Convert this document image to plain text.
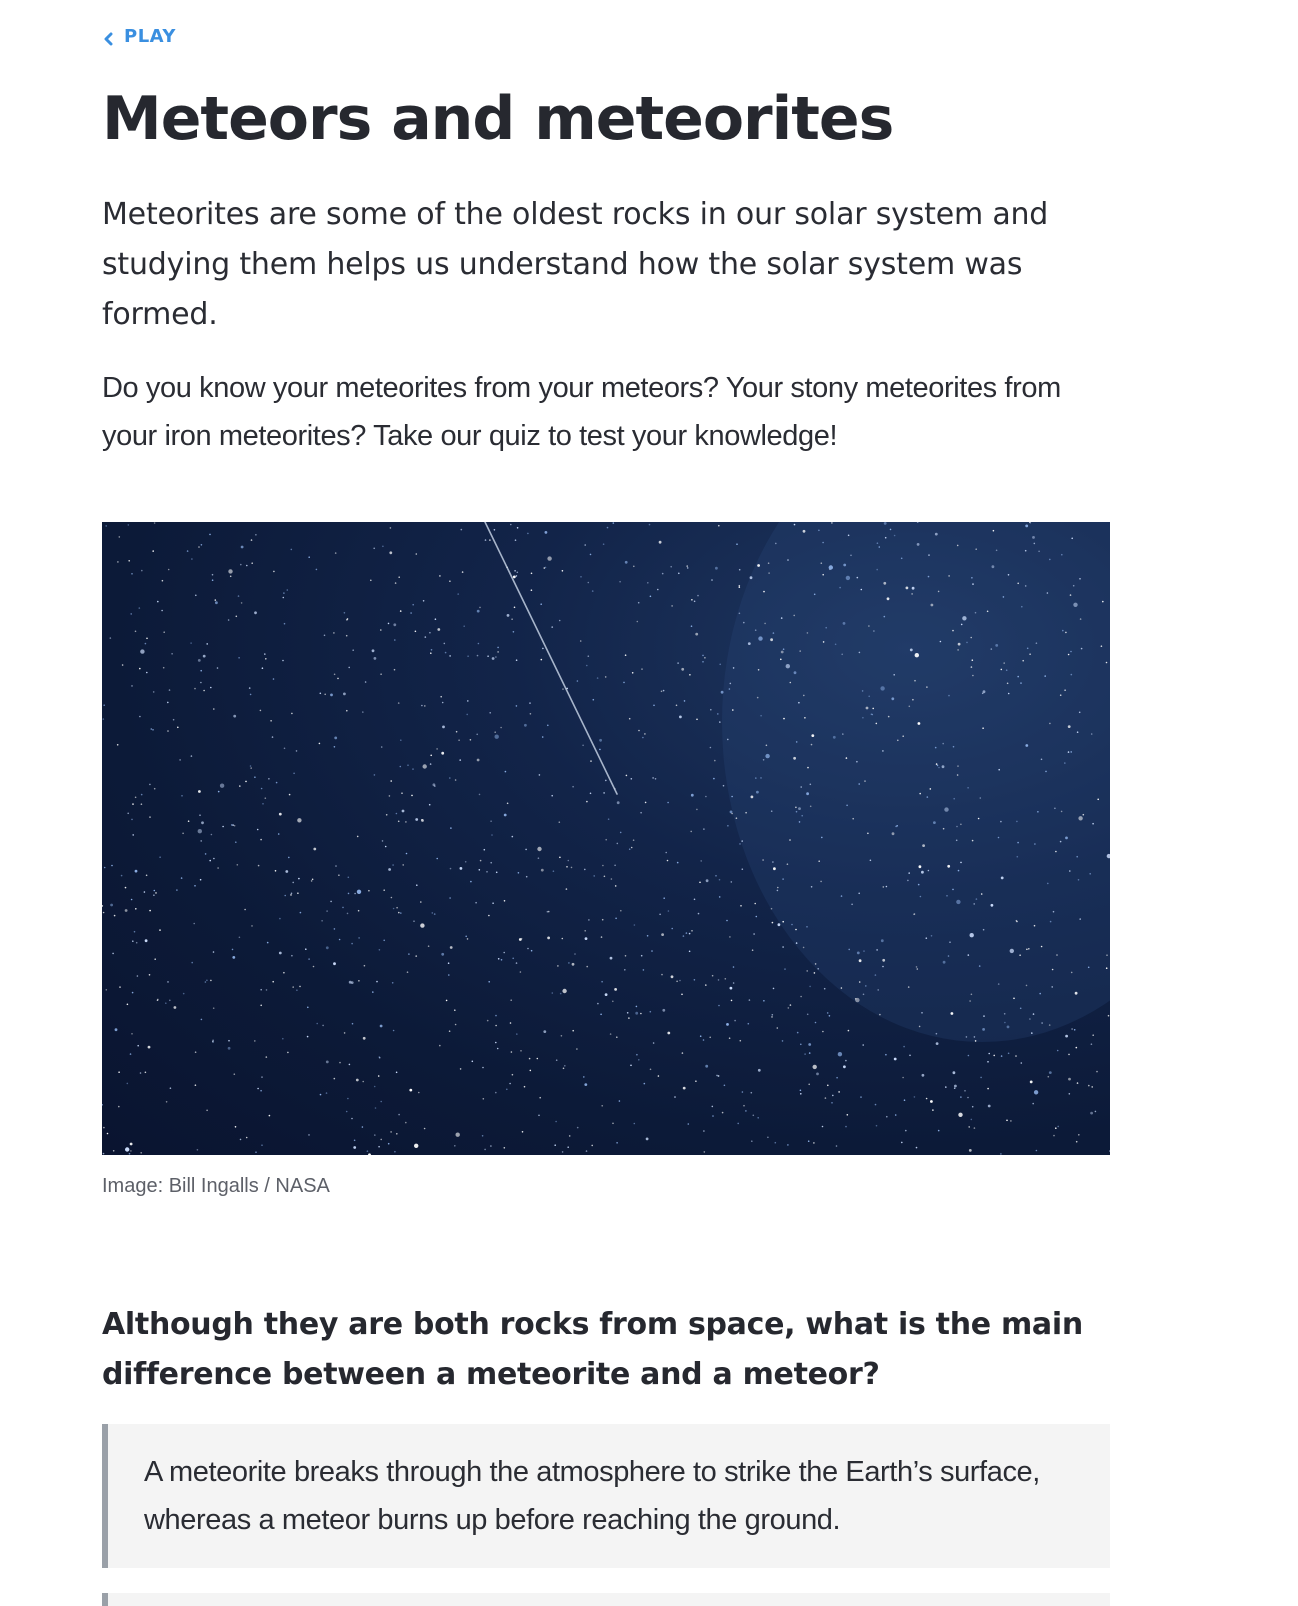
PLAY
Meteors and meteorites

Meteorites are some of the oldest rocks in our solar system and studying them helps us understand how the solar system was formed.

Do you know your meteorites from your meteors? Your stony meteorites from your iron meteorites? Take our quiz to test your knowledge!

Image: Bill Ingalls / NASA

Although they are both rocks from space, what is the main difference between a meteorite and a meteor?

A meteorite breaks through the atmosphere to strike the Earth’s surface, whereas a meteor burns up before reaching the ground.
